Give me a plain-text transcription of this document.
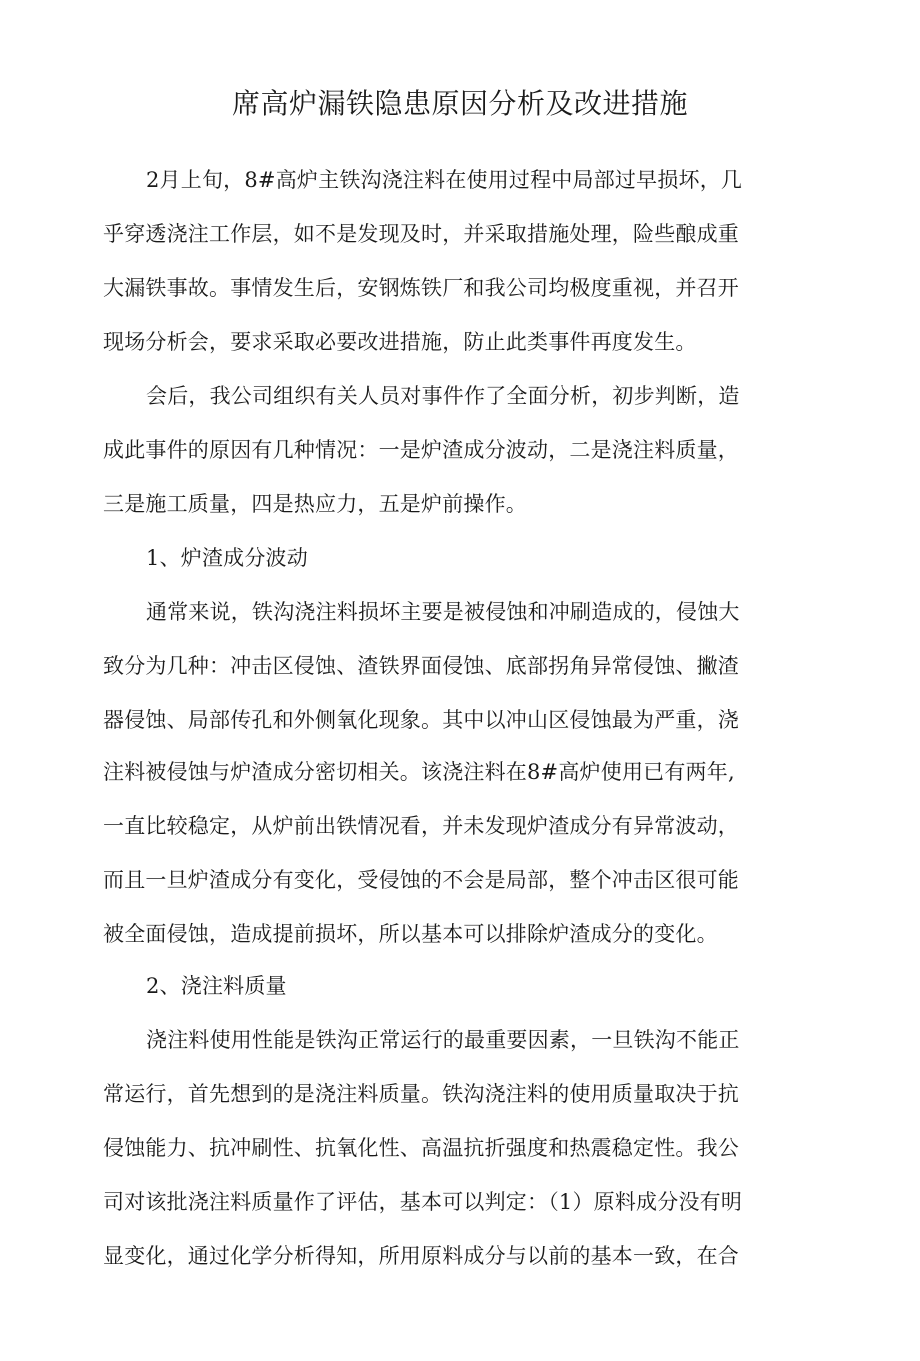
席高炉漏铁隐患原因分析及改进措施

2月上旬，8#高炉主铁沟浇注料在使用过程中局部过早损坏，几

乎穿透浇注工作层，如不是发现及时，并采取措施处理，险些酿成重

大漏铁事故。事情发生后，安钢炼铁厂和我公司均极度重视，并召开

现场分析会，要求采取必要改进措施，防止此类事件再度发生。

会后，我公司组织有关人员对事件作了全面分析，初步判断，造

成此事件的原因有几种情况：一是炉渣成分波动，二是浇注料质量，

三是施工质量，四是热应力，五是炉前操作。

1、炉渣成分波动

通常来说，铁沟浇注料损坏主要是被侵蚀和冲刷造成的，侵蚀大

致分为几种：冲击区侵蚀、渣铁界面侵蚀、底部拐角异常侵蚀、撇渣

器侵蚀、局部传孔和外侧氧化现象。其中以冲山区侵蚀最为严重，浇

注料被侵蚀与炉渣成分密切相关。该浇注料在8#高炉使用已有两年,

一直比较稳定，从炉前出铁情况看，并未发现炉渣成分有异常波动，

而且一旦炉渣成分有变化，受侵蚀的不会是局部，整个冲击区很可能

被全面侵蚀，造成提前损坏，所以基本可以排除炉渣成分的变化。

2、浇注料质量

浇注料使用性能是铁沟正常运行的最重要因素，一旦铁沟不能正

常运行，首先想到的是浇注料质量。铁沟浇注料的使用质量取决于抗

侵蚀能力、抗冲刷性、抗氧化性、高温抗折强度和热震稳定性。我公

司对该批浇注料质量作了评估，基本可以判定：（1）原料成分没有明

显变化，通过化学分析得知，所用原料成分与以前的基本一致，在合
